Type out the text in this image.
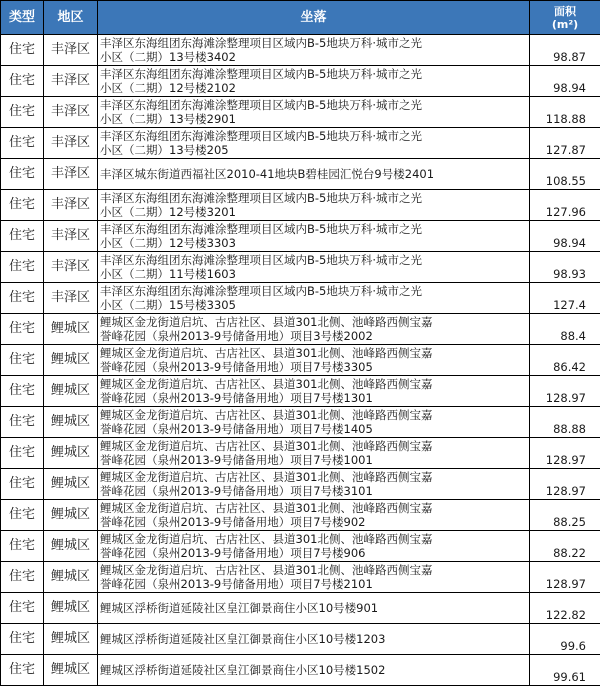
类型	地区	坐落	面积
(m²)

住宅	丰泽区	丰泽区东海组团东海滩涂整理项目区域内B-5地块万科·城市之光
小区（二期）13号楼3402	98.87
住宅	丰泽区	丰泽区东海组团东海滩涂整理项目区域内B-5地块万科·城市之光
小区（二期）12号楼2102	98.94
住宅	丰泽区	丰泽区东海组团东海滩涂整理项目区域内B-5地块万科·城市之光
小区（二期）13号楼2901	118.88
住宅	丰泽区	丰泽区东海组团东海滩涂整理项目区域内B-5地块万科·城市之光
小区（二期）13号楼205	127.87
住宅	丰泽区	丰泽区城东街道西福社区2010-41地块B碧桂园汇悦台9号楼2401	108.55
住宅	丰泽区	丰泽区东海组团东海滩涂整理项目区域内B-5地块万科·城市之光
小区（二期）12号楼3201	127.96
住宅	丰泽区	丰泽区东海组团东海滩涂整理项目区域内B-5地块万科·城市之光
小区（二期）12号楼3303	98.94
住宅	丰泽区	丰泽区东海组团东海滩涂整理项目区域内B-5地块万科·城市之光
小区（二期）11号楼1603	98.93
住宅	丰泽区	丰泽区东海组团东海滩涂整理项目区域内B-5地块万科·城市之光
小区（二期）15号楼3305	127.4
住宅	鲤城区	鲤城区金龙街道启坑、古店社区、县道301北侧、池峰路西侧宝嘉
誉峰花园（泉州2013-9号储备用地）项目3号楼2002	88.4
住宅	鲤城区	鲤城区金龙街道启坑、古店社区、县道301北侧、池峰路西侧宝嘉
誉峰花园（泉州2013-9号储备用地）项目7号楼3305	86.42
住宅	鲤城区	鲤城区金龙街道启坑、古店社区、县道301北侧、池峰路西侧宝嘉
誉峰花园（泉州2013-9号储备用地）项目7号楼1301	128.97
住宅	鲤城区	鲤城区金龙街道启坑、古店社区、县道301北侧、池峰路西侧宝嘉
誉峰花园（泉州2013-9号储备用地）项目7号楼1405	88.88
住宅	鲤城区	鲤城区金龙街道启坑、古店社区、县道301北侧、池峰路西侧宝嘉
誉峰花园（泉州2013-9号储备用地）项目7号楼1001	128.97
住宅	鲤城区	鲤城区金龙街道启坑、古店社区、县道301北侧、池峰路西侧宝嘉
誉峰花园（泉州2013-9号储备用地）项目7号楼3101	128.97
住宅	鲤城区	鲤城区金龙街道启坑、古店社区、县道301北侧、池峰路西侧宝嘉
誉峰花园（泉州2013-9号储备用地）项目7号楼902	88.25
住宅	鲤城区	鲤城区金龙街道启坑、古店社区、县道301北侧、池峰路西侧宝嘉
誉峰花园（泉州2013-9号储备用地）项目7号楼906	88.22
住宅	鲤城区	鲤城区金龙街道启坑、古店社区、县道301北侧、池峰路西侧宝嘉
誉峰花园（泉州2013-9号储备用地）项目7号楼2101	128.97
住宅	鲤城区	鲤城区浮桥街道延陵社区皇江御景商住小区10号楼901	122.82
住宅	鲤城区	鲤城区浮桥街道延陵社区皇江御景商住小区10号楼1203	99.6
住宅	鲤城区	鲤城区浮桥街道延陵社区皇江御景商住小区10号楼1502	99.61
